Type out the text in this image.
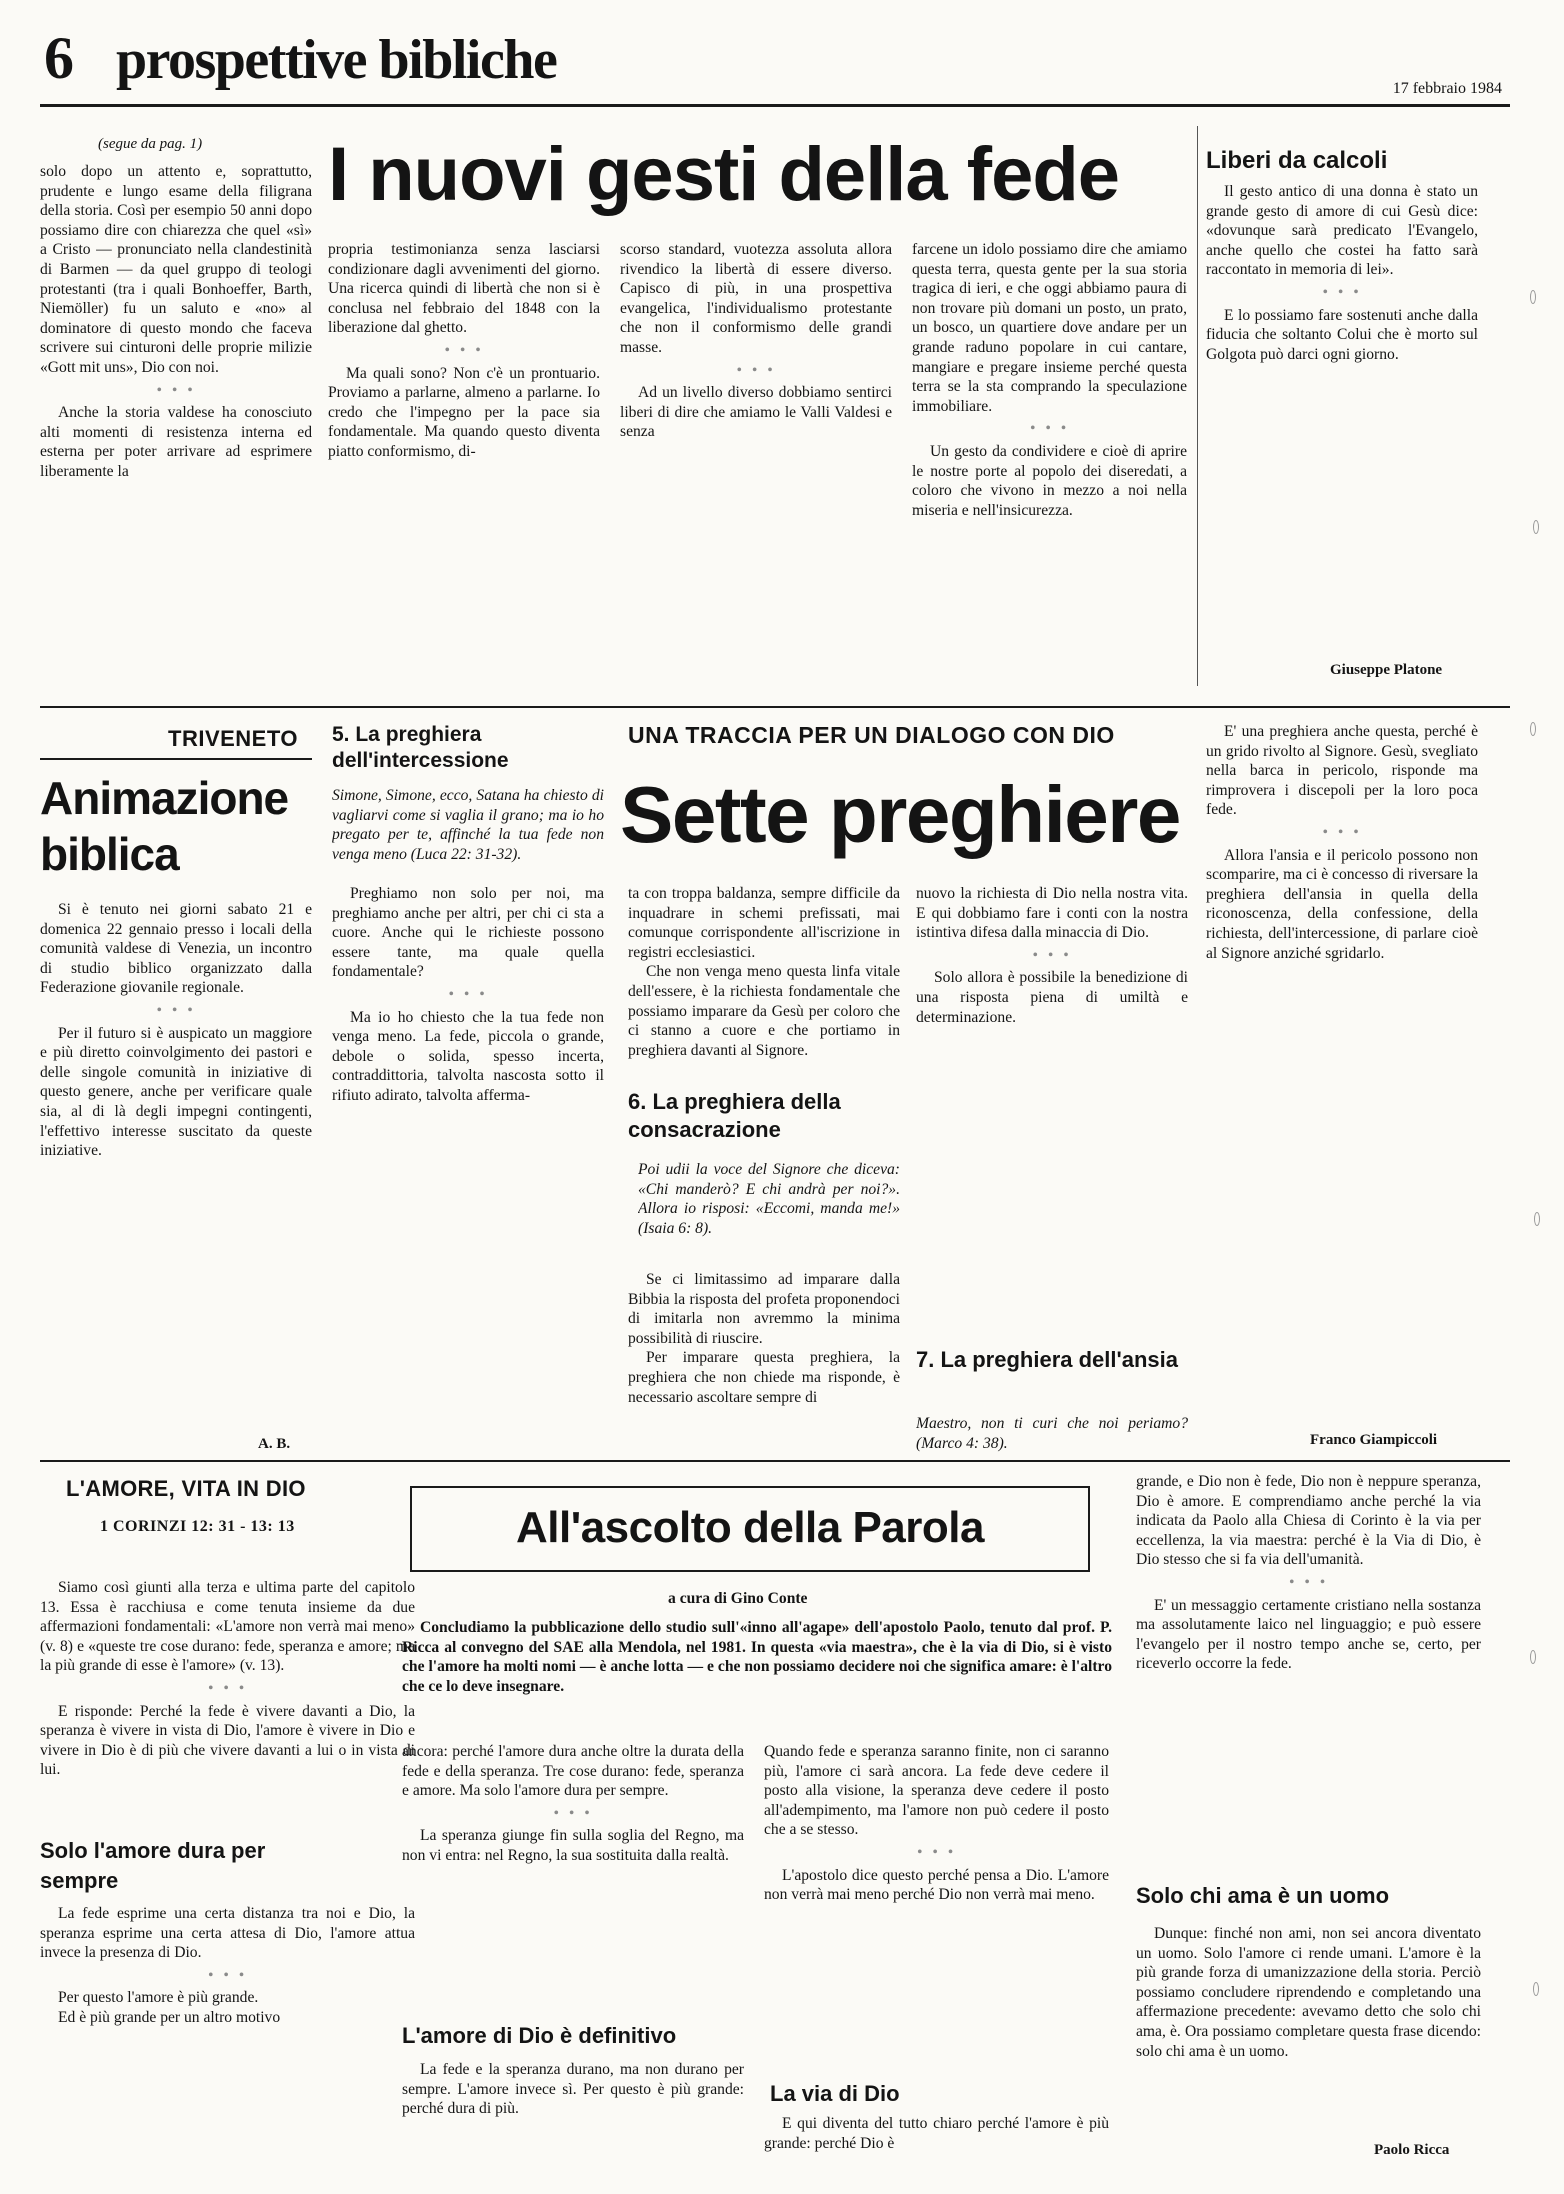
6 prospettive bibliche	17 febbraio 1984
(segue da pag. 1) I nuovi gesti della fede

solo dopo un attento e, soprattutto, prudente e lungo esame della filigrana della storia. Così per esempio 50 anni dopo possiamo dire con chiarezza che quel «sì» a Cristo — pronunciato nella clandestinità di Barmen — da quel gruppo di teologi protestanti (tra i quali Bonhoeffer, Barth, Niemöller) fu un saluto e «no» al dominatore di questo mondo che faceva scrivere sui cinturoni delle proprie milizie «Gott mit uns», Dio con noi.

• • •

Anche la storia valdese ha conosciuto alti momenti di resistenza interna ed esterna per poter arrivare ad esprimere liberamente la

propria testimonianza senza lasciarsi condizionare dagli avvenimenti del giorno. Una ricerca quindi di libertà che non si è conclusa nel febbraio del 1848 con la liberazione dal ghetto.

• • •

Ma quali sono? Non c'è un prontuario. Proviamo a parlarne, almeno a parlarne. Io credo che l'impegno per la pace sia fondamentale. Ma quando questo diventa piatto conformismo, di-

scorso standard, vuotezza assoluta allora rivendico la libertà di essere diverso. Capisco di più, in una prospettiva evangelica, l'individualismo protestante che non il conformismo delle grandi masse.

• • •

Ad un livello diverso dobbiamo sentirci liberi di dire che amiamo le Valli Valdesi e senza

farcene un idolo possiamo dire che amiamo questa terra, questa gente per la sua storia tragica di ieri, e che oggi abbiamo paura di non trovare più domani un posto, un prato, un bosco, un quartiere dove andare per un grande raduno popolare in cui cantare, mangiare e pregare insieme perché questa terra se la sta comprando la speculazione immobiliare.

• • •

Un gesto da condividere e cioè di aprire le nostre porte al popolo dei diseredati, a coloro che vivono in mezzo a noi nella miseria e nell'insicurezza.

Liberi da calcoli

Il gesto antico di una donna è stato un grande gesto di amore di cui Gesù dice: «dovunque sarà predicato l'Evangelo, anche quello che costei ha fatto sarà raccontato in memoria di lei».

• • •

E lo possiamo fare sostenuti anche dalla fiducia che soltanto Colui che è morto sul Golgota può darci ogni giorno.

Giuseppe Platone
TRIVENETO
Animazione biblica

Si è tenuto nei giorni sabato 21 e domenica 22 gennaio presso i locali della comunità valdese di Venezia, un incontro di studio biblico organizzato dalla Federazione giovanile regionale.

• • •

Per il futuro si è auspicato un maggiore e più diretto coinvolgimento dei pastori e delle singole comunità in iniziative di questo genere, anche per verificare quale sia, al di là degli impegni contingenti, l'effettivo interesse suscitato da queste iniziative.

A. B.
5. La preghiera dell'intercessione
UNA TRACCIA PER UN DIALOGO CON DIO
Sette preghiere
Simone, Simone, ecco, Satana ha chiesto di vagliarvi come si vaglia il grano; ma io ho pregato per te, affinché la tua fede non venga meno (Luca 22: 31-32).

Preghiamo non solo per noi, ma preghiamo anche per altri, per chi ci sta a cuore. Anche qui le richieste possono essere tante, ma quale quella fondamentale?

• • •

Ma io ho chiesto che la tua fede non venga meno. La fede, piccola o grande, debole o solida, spesso incerta, contraddittoria, talvolta nascosta sotto il rifiuto adirato, talvolta afferma-

ta con troppa baldanza, sempre difficile da inquadrare in schemi prefissati, mai comunque corrispondente all'iscrizione in registri ecclesiastici.

Che non venga meno questa linfa vitale dell'essere, è la richiesta fondamentale che possiamo imparare da Gesù per coloro che ci stanno a cuore e che portiamo in preghiera davanti al Signore.

6. La preghiera della consacrazione
Poi udii la voce del Signore che diceva: «Chi manderò? E chi andrà per noi?». Allora io risposi: «Eccomi, manda me!» (Isaia 6: 8).

Se ci limitassimo ad imparare dalla Bibbia la risposta del profeta proponendoci di imitarla non avremmo la minima possibilità di riuscire.

Per imparare questa preghiera, la preghiera che non chiede ma risponde, è necessario ascoltare sempre di

nuovo la richiesta di Dio nella nostra vita. E qui dobbiamo fare i conti con la nostra istintiva difesa dalla minaccia di Dio.

• • •

Solo allora è possibile la benedizione di una risposta piena di umiltà e determinazione.

7. La preghiera dell'ansia
Maestro, non ti curi che noi periamo? (Marco 4: 38).

E' una preghiera anche questa, perché è un grido rivolto al Signore. Gesù, svegliato nella barca in pericolo, risponde ma rimprovera i discepoli per la loro poca fede.

• • •

Allora l'ansia e il pericolo possono non scomparire, ma ci è concesso di riversare la preghiera dell'ansia in quella della riconoscenza, della confessione, della richiesta, dell'intercessione, di parlare cioè al Signore anziché sgridarlo.

Franco Giampiccoli
L'AMORE, VITA IN DIO
1 CORINZI 12: 31 - 13: 13

Siamo così giunti alla terza e ultima parte del capitolo 13. Essa è racchiusa e come tenuta insieme da due affermazioni fondamentali: «L'amore non verrà mai meno» (v. 8) e «queste tre cose durano: fede, speranza e amore; ma la più grande di esse è l'amore» (v. 13).

• • •

E risponde: Perché la fede è vivere davanti a Dio, la speranza è vivere in vista di Dio, l'amore è vivere in Dio e vivere in Dio è di più che vivere davanti a lui o in vista di lui.

Solo l'amore dura per sempre

La fede esprime una certa distanza tra noi e Dio, la speranza esprime una certa attesa di Dio, l'amore attua invece la presenza di Dio.

• • •

Per questo l'amore è più grande.

Ed è più grande per un altro motivo

All'ascolto della Parola
a cura di Gino Conte
Concludiamo la pubblicazione dello studio sull'«inno all'agape» dell'apostolo Paolo, tenuto dal prof. P. Ricca al convegno del SAE alla Mendola, nel 1981. In questa «via maestra», che è la via di Dio, si è visto che l'amore ha molti nomi — è anche lotta — e che non possiamo decidere noi che significa amare: è l'altro che ce lo deve insegnare.

ancora: perché l'amore dura anche oltre la durata della fede e della speranza. Tre cose durano: fede, speranza e amore. Ma solo l'amore dura per sempre.

• • •

La speranza giunge fin sulla soglia del Regno, ma non vi entra: nel Regno, la sua sostituita dalla realtà.

L'amore di Dio è definitivo

La fede e la speranza durano, ma non durano per sempre. L'amore invece sì. Per questo è più grande: perché dura di più.

Quando fede e speranza saranno finite, non ci saranno più, l'amore ci sarà ancora. La fede deve cedere il posto alla visione, la speranza deve cedere il posto all'adempimento, ma l'amore non può cedere il posto che a se stesso.

• • •

L'apostolo dice questo perché pensa a Dio. L'amore non verrà mai meno perché Dio non verrà mai meno.

La via di Dio

E qui diventa del tutto chiaro perché l'amore è più grande: perché Dio è

grande, e Dio non è fede, Dio non è neppure speranza, Dio è amore. E comprendiamo anche perché la via indicata da Paolo alla Chiesa di Corinto è la via per eccellenza, la via maestra: perché è la Via di Dio, è Dio stesso che si fa via dell'umanità.

• • •

E' un messaggio certamente cristiano nella sostanza ma assolutamente laico nel linguaggio; e può essere l'evangelo per il nostro tempo anche se, certo, per riceverlo occorre la fede.

Solo chi ama è un uomo

Dunque: finché non ami, non sei ancora diventato un uomo. Solo l'amore ci rende umani. L'amore è la più grande forza di umanizzazione della storia. Perciò possiamo concludere riprendendo e completando una affermazione precedente: avevamo detto che solo chi ama, è. Ora possiamo completare questa frase dicendo: solo chi ama è un uomo.

Paolo Ricca
